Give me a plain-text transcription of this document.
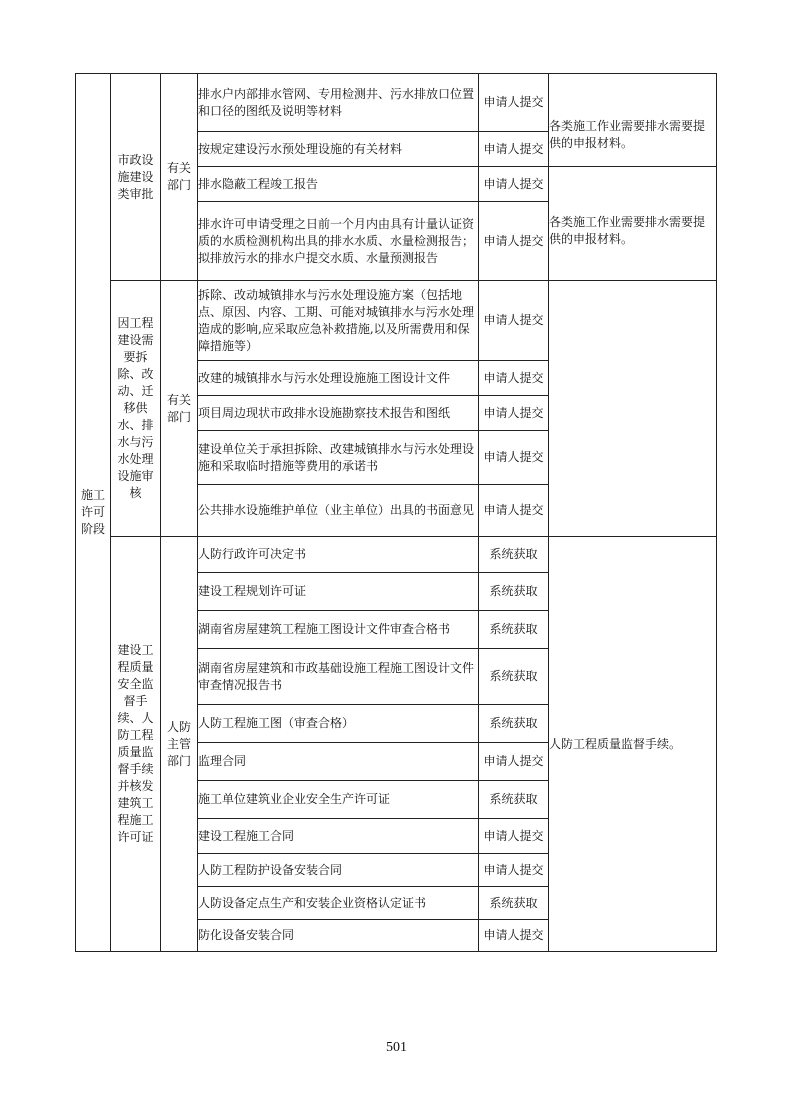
施工许可阶段	市政设施建设类审批	有关部门	排水户内部排水管网、专用检测井、污水排放口位置和口径的图纸及说明等材料	申请人提交	各类施工作业需要排水需要提供的申报材料。

			按规定建设污水预处理设施的有关材料	申请人提交	
			排水隐蔽工程竣工报告	申请人提交	各类施工作业需要排水需要提供的申报材料。

			排水许可申请受理之日前一个月内由具有计量认证资质的水质检测机构出具的排水水质、水量检测报告；拟排放污水的排水户提交水质、水量预测报告	申请人提交	

	因工程建设需要拆除、改动、迁移供水、排水与污水处理设施审核	有关部门	拆除、改动城镇排水与污水处理设施方案（包括地点、原因、内容、工期、可能对城镇排水与污水处理造成的影响,应采取应急补救措施,以及所需费用和保障措施等）	申请人提交	
			改建的城镇排水与污水处理设施施工图设计文件	申请人提交	
			项目周边现状市政排水设施勘察技术报告和图纸	申请人提交	
			建设单位关于承担拆除、改建城镇排水与污水处理设施和采取临时措施等费用的承诺书	申请人提交	
			公共排水设施维护单位（业主单位）出具的书面意见	申请人提交	

	建设工程质量安全监督手续、人防工程质量监督手续并核发建筑工程施工许可证	人防主管部门	人防行政许可决定书	系统获取	人防工程质量监督手续。

			建设工程规划许可证	系统获取	
			湖南省房屋建筑工程施工图设计文件审查合格书	系统获取	
			湖南省房屋建筑和市政基础设施工程施工图设计文件审查情况报告书	系统获取	
			人防工程施工图（审查合格）	系统获取	
			监理合同	申请人提交	
			施工单位建筑业企业安全生产许可证	系统获取	
			建设工程施工合同	申请人提交	
			人防工程防护设备安装合同	申请人提交	
			人防设备定点生产和安装企业资格认定证书	系统获取	
			防化设备安装合同	申请人提交	
501
